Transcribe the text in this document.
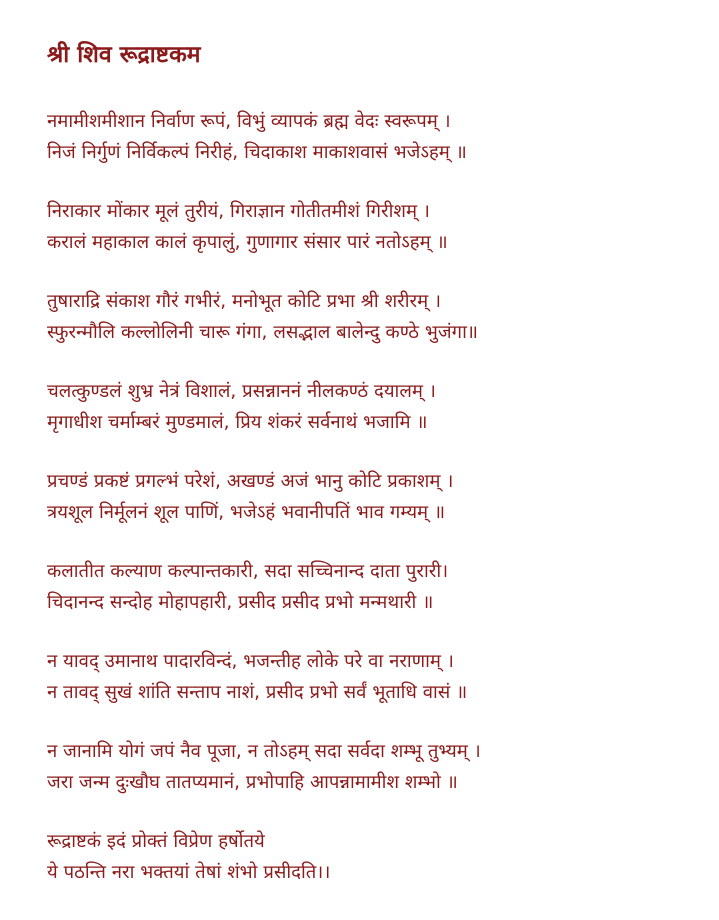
श्री शिव रूद्राष्टकम
नमामीशमीशान निर्वाण रूपं, विभुं व्यापकं ब्रह्म वेदः स्वरूपम् ।
निजं निर्गुणं निर्विकल्पं निरीहं, चिदाकाश माकाशवासं भजेऽहम् ॥
निराकार मोंकार मूलं तुरीयं, गिराज्ञान गोतीतमीशं गिरीशम् ।
करालं महाकाल कालं कृपालुं, गुणागार संसार पारं नतोऽहम् ॥
तुषाराद्रि संकाश गौरं गभीरं, मनोभूत कोटि प्रभा श्री शरीरम् ।
स्फुरन्मौलि कल्लोलिनी चारू गंगा, लसद्भाल बालेन्दु कण्ठे भुजंगा॥
चलत्कुण्डलं शुभ्र नेत्रं विशालं, प्रसन्नाननं नीलकण्ठं दयालम् ।
मृगाधीश चर्माम्बरं मुण्डमालं, प्रिय शंकरं सर्वनाथं भजामि ॥
प्रचण्डं प्रकष्टं प्रगल्भं परेशं, अखण्डं अजं भानु कोटि प्रकाशम् ।
त्रयशूल निर्मूलनं शूल पाणिं, भजेऽहं भवानीपतिं भाव गम्यम् ॥
कलातीत कल्याण कल्पान्तकारी, सदा सच्चिनान्द दाता पुरारी।
चिदानन्द सन्दोह मोहापहारी, प्रसीद प्रसीद प्रभो मन्मथारी ॥
न यावद् उमानाथ पादारविन्दं, भजन्तीह लोके परे वा नराणाम् ।
न तावद् सुखं शांति सन्ताप नाशं, प्रसीद प्रभो सर्वं भूताधि वासं ॥
न जानामि योगं जपं नैव पूजा, न तोऽहम् सदा सर्वदा शम्भू तुभ्यम् ।
जरा जन्म दुःखौघ तातप्यमानं, प्रभोपाहि आपन्नामामीश शम्भो ॥
रूद्राष्टकं इदं प्रोक्तं विप्रेण हर्षोतये
ये पठन्ति नरा भक्तयां तेषां शंभो प्रसीदति।।
